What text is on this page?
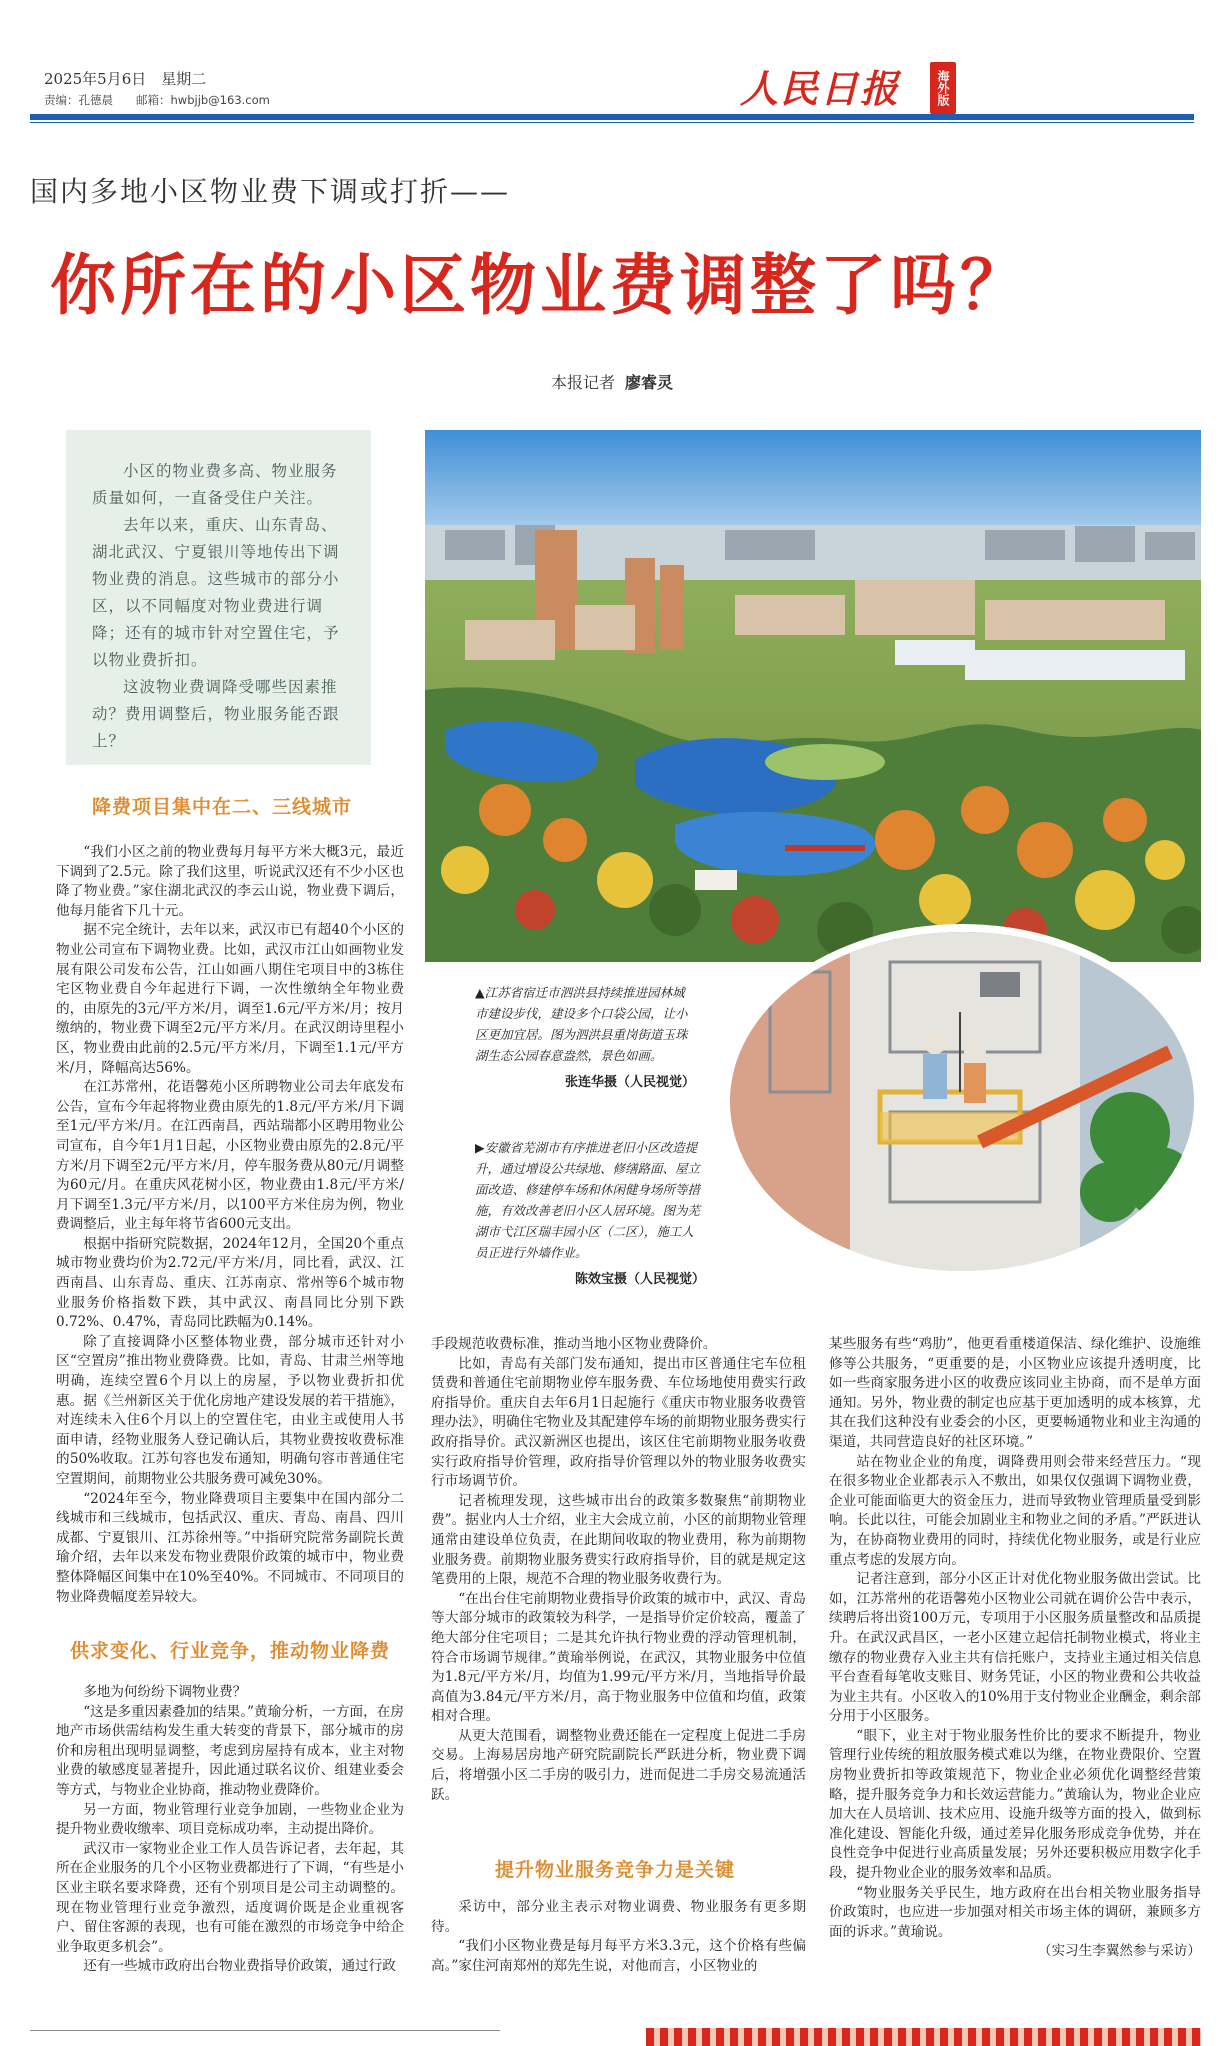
2025年5月6日　星期二
责编：孔德晨　　邮箱：hwbjjb@163.com	人民日报	海外版
国内多地小区物业费下调或打折——
你所在的小区物业费调整了吗？
本报记者 廖睿灵

小区的物业费多高、物业服务质量如何，一直备受住户关注。

去年以来，重庆、山东青岛、湖北武汉、宁夏银川等地传出下调物业费的消息。这些城市的部分小区，以不同幅度对物业费进行调降；还有的城市针对空置住宅，予以物业费折扣。

这波物业费调降受哪些因素推动？费用调整后，物业服务能否跟上？

▲江苏省宿迁市泗洪县持续推进园林城市建设步伐，建设多个口袋公园，让小区更加宜居。图为泗洪县重岗街道玉珠湖生态公园春意盎然，景色如画。
张连华摄（人民视觉）
▶安徽省芜湖市有序推进老旧小区改造提升，通过增设公共绿地、修缮路面、屋立面改造、修建停车场和休闲健身场所等措施，有效改善老旧小区人居环境。图为芜湖市弋江区瑞丰园小区（二区），施工人员正进行外墙作业。
陈效宝摄（人民视觉）
降费项目集中在二、三线城市
供求变化、行业竞争，推动物业降费
提升物业服务竞争力是关键

“我们小区之前的物业费每月每平方米大概3元，最近下调到了2.5元。除了我们这里，听说武汉还有不少小区也降了物业费。”家住湖北武汉的李云山说，物业费下调后，他每月能省下几十元。

据不完全统计，去年以来，武汉市已有超40个小区的物业公司宣布下调物业费。比如，武汉市江山如画物业发展有限公司发布公告，江山如画八期住宅项目中的3栋住宅区物业费自今年起进行下调，一次性缴纳全年物业费的，由原先的3元/平方米/月，调至1.6元/平方米/月；按月缴纳的，物业费下调至2元/平方米/月。在武汉朗诗里程小区，物业费由此前的2.5元/平方米/月，下调至1.1元/平方米/月，降幅高达56%。

在江苏常州，花语馨苑小区所聘物业公司去年底发布公告，宣布今年起将物业费由原先的1.8元/平方米/月下调至1元/平方米/月。在江西南昌，西站瑞都小区聘用物业公司宣布，自今年1月1日起，小区物业费由原先的2.8元/平方米/月下调至2元/平方米/月，停车服务费从80元/月调整为60元/月。在重庆风花树小区，物业费由1.8元/平方米/月下调至1.3元/平方米/月，以100平方米住房为例，物业费调整后，业主每年将节省600元支出。

根据中指研究院数据，2024年12月，全国20个重点城市物业费均价为2.72元/平方米/月，同比看，武汉、江西南昌、山东青岛、重庆、江苏南京、常州等6个城市物业服务价格指数下跌，其中武汉、南昌同比分别下跌0.72%、0.47%，青岛同比跌幅为0.14%。

除了直接调降小区整体物业费，部分城市还针对小区“空置房”推出物业费降费。比如，青岛、甘肃兰州等地明确，连续空置6个月以上的房屋，予以物业费折扣优惠。据《兰州新区关于优化房地产建设发展的若干措施》，对连续未入住6个月以上的空置住宅，由业主或使用人书面申请，经物业服务人登记确认后，其物业费按收费标准的50%收取。江苏句容也发布通知，明确句容市普通住宅空置期间，前期物业公共服务费可减免30%。

“2024年至今，物业降费项目主要集中在国内部分二线城市和三线城市，包括武汉、重庆、青岛、南昌、四川成都、宁夏银川、江苏徐州等。”中指研究院常务副院长黄瑜介绍，去年以来发布物业费限价政策的城市中，物业费整体降幅区间集中在10%至40%。不同城市、不同项目的物业降费幅度差异较大。

多地为何纷纷下调物业费？

“这是多重因素叠加的结果。”黄瑜分析，一方面，在房地产市场供需结构发生重大转变的背景下，部分城市的房价和房租出现明显调整，考虑到房屋持有成本，业主对物业费的敏感度显著提升，因此通过联名议价、组建业委会等方式，与物业企业协商，推动物业费降价。

另一方面，物业管理行业竞争加剧，一些物业企业为提升物业费收缴率、项目竞标成功率，主动提出降价。

武汉市一家物业企业工作人员告诉记者，去年起，其所在企业服务的几个小区物业费都进行了下调，“有些是小区业主联名要求降费，还有个别项目是公司主动调整的。现在物业管理行业竞争激烈，适度调价既是企业重视客户、留住客源的表现，也有可能在激烈的市场竞争中给企业争取更多机会”。

还有一些城市政府出台物业费指导价政策，通过行政

手段规范收费标准，推动当地小区物业费降价。

比如，青岛有关部门发布通知，提出市区普通住宅车位租赁费和普通住宅前期物业停车服务费、车位场地使用费实行政府指导价。重庆自去年6月1日起施行《重庆市物业服务收费管理办法》，明确住宅物业及其配建停车场的前期物业服务费实行政府指导价。武汉新洲区也提出，该区住宅前期物业服务收费实行政府指导价管理，政府指导价管理以外的物业服务收费实行市场调节价。

记者梳理发现，这些城市出台的政策多数聚焦“前期物业费”。据业内人士介绍，业主大会成立前，小区的前期物业管理通常由建设单位负责，在此期间收取的物业费用，称为前期物业服务费。前期物业服务费实行政府指导价，目的就是规定这笔费用的上限，规范不合理的物业服务收费行为。

“在出台住宅前期物业费指导价政策的城市中，武汉、青岛等大部分城市的政策较为科学，一是指导价定价较高，覆盖了绝大部分住宅项目；二是其允许执行物业费的浮动管理机制，符合市场调节规律。”黄瑜举例说，在武汉，其物业服务中位值为1.8元/平方米/月，均值为1.99元/平方米/月，当地指导价最高值为3.84元/平方米/月，高于物业服务中位值和均值，政策相对合理。

从更大范围看，调整物业费还能在一定程度上促进二手房交易。上海易居房地产研究院副院长严跃进分析，物业费下调后，将增强小区二手房的吸引力，进而促进二手房交易流通活跃。

采访中，部分业主表示对物业调费、物业服务有更多期待。

“我们小区物业费是每月每平方米3.3元，这个价格有些偏高。”家住河南郑州的郑先生说，对他而言，小区物业的

某些服务有些“鸡肋”，他更看重楼道保洁、绿化维护、设施维修等公共服务，“更重要的是，小区物业应该提升透明度，比如一些商家服务进小区的收费应该同业主协商，而不是单方面通知。另外，物业费的制定也应基于更加透明的成本核算，尤其在我们这种没有业委会的小区，更要畅通物业和业主沟通的渠道，共同营造良好的社区环境。”

站在物业企业的角度，调降费用则会带来经营压力。“现在很多物业企业都表示入不敷出，如果仅仅强调下调物业费，企业可能面临更大的资金压力，进而导致物业管理质量受到影响。长此以往，可能会加剧业主和物业之间的矛盾。”严跃进认为，在协商物业费用的同时，持续优化物业服务，或是行业应重点考虑的发展方向。

记者注意到，部分小区正计对优化物业服务做出尝试。比如，江苏常州的花语馨苑小区物业公司就在调价公告中表示，续聘后将出资100万元，专项用于小区服务质量整改和品质提升。在武汉武昌区，一老小区建立起信托制物业模式，将业主缴存的物业费存入业主共有信托账户，支持业主通过相关信息平台查看每笔收支账目、财务凭证，小区的物业费和公共收益为业主共有。小区收入的10%用于支付物业企业酬金，剩余部分用于小区服务。

“眼下，业主对于物业服务性价比的要求不断提升，物业管理行业传统的粗放服务模式难以为继，在物业费限价、空置房物业费折扣等政策规范下，物业企业必须优化调整经营策略，提升服务竞争力和长效运营能力。”黄瑜认为，物业企业应加大在人员培训、技术应用、设施升级等方面的投入，做到标准化建设、智能化升级，通过差异化服务形成竞争优势，并在良性竞争中促进行业高质量发展；另外还要积极应用数字化手段，提升物业企业的服务效率和品质。

“物业服务关乎民生，地方政府在出台相关物业服务指导价政策时，也应进一步加强对相关市场主体的调研，兼顾多方面的诉求。”黄瑜说。

（实习生李翼然参与采访）
